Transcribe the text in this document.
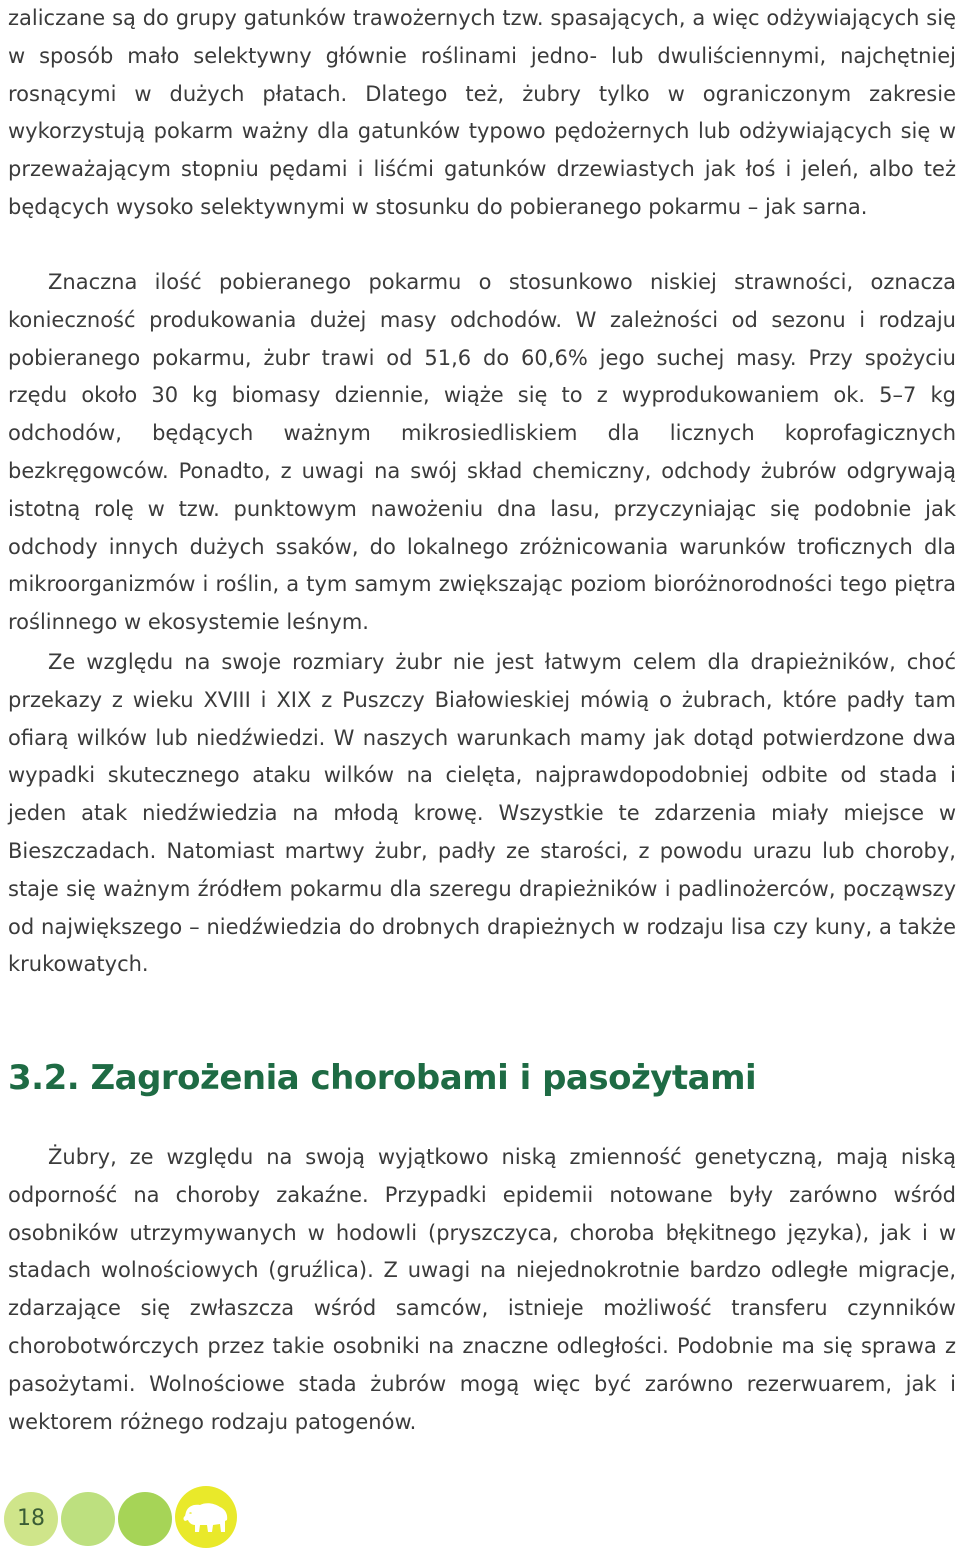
zaliczane są do grupy gatunków trawożernych tzw. spasających, a więc odżywiających się w sposób mało selektywny głównie roślinami jedno- lub dwuliściennymi, najchętniej rosnącymi w dużych płatach. Dlatego też, żubry tylko w ograniczonym zakresie wykorzystują pokarm ważny dla gatunków typowo pędożernych lub odżywiających się w przeważającym stopniu pędami i liśćmi gatunków drzewiastych jak łoś i jeleń, albo też będących wysoko selektywnymi w stosunku do pobieranego pokarmu – jak sarna.

Znaczna ilość pobieranego pokarmu o stosunkowo niskiej strawności, oznacza konieczność produkowania dużej masy odchodów. W zależności od sezonu i rodzaju pobieranego pokarmu, żubr trawi od 51,6 do 60,6% jego suchej masy. Przy spożyciu rzędu około 30 kg biomasy dziennie, wiąże się to z wyprodukowaniem ok. 5–7 kg odchodów, będących ważnym mikrosiedliskiem dla licznych koprofagicznych bezkręgowców. Ponadto, z uwagi na swój skład chemiczny, odchody żubrów odgrywają istotną rolę w tzw. punktowym nawożeniu dna lasu, przyczyniając się podobnie jak odchody innych dużych ssaków, do lokalnego zróżnicowania warunków troficznych dla mikroorganizmów i roślin, a tym samym zwiększając poziom bioróżnorodności tego piętra roślinnego w ekosystemie leśnym.

Ze względu na swoje rozmiary żubr nie jest łatwym celem dla drapieżników, choć przekazy z wieku XVIII i XIX z Puszczy Białowieskiej mówią o żubrach, które padły tam ofiarą wilków lub niedźwiedzi. W naszych warunkach mamy jak dotąd potwierdzone dwa wypadki skutecznego ataku wilków na cielęta, najprawdopodobniej odbite od stada i jeden atak niedźwiedzia na młodą krowę. Wszystkie te zdarzenia miały miejsce w Bieszczadach. Natomiast martwy żubr, padły ze starości, z powodu urazu lub choroby, staje się ważnym źródłem pokarmu dla szeregu drapieżników i padlinożerców, począwszy od największego – niedźwiedzia do drobnych drapieżnych w rodzaju lisa czy kuny, a także krukowatych.

3.2. Zagrożenia chorobami i pasożytami

Żubry, ze względu na swoją wyjątkowo niską zmienność genetyczną, mają niską odporność na choroby zakaźne. Przypadki epidemii notowane były zarówno wśród osobników utrzymywanych w hodowli (pryszczyca, choroba błękitnego języka), jak i w stadach wolnościowych (gruźlica). Z uwagi na niejednokrotnie bardzo odległe migracje, zdarzające się zwłaszcza wśród samców, istnieje możliwość transferu czynników chorobotwórczych przez takie osobniki na znaczne odległości. Podobnie ma się sprawa z pasożytami. Wolnościowe stada żubrów mogą więc być zarówno rezerwuarem, jak i wektorem różnego rodzaju patogenów.

18
